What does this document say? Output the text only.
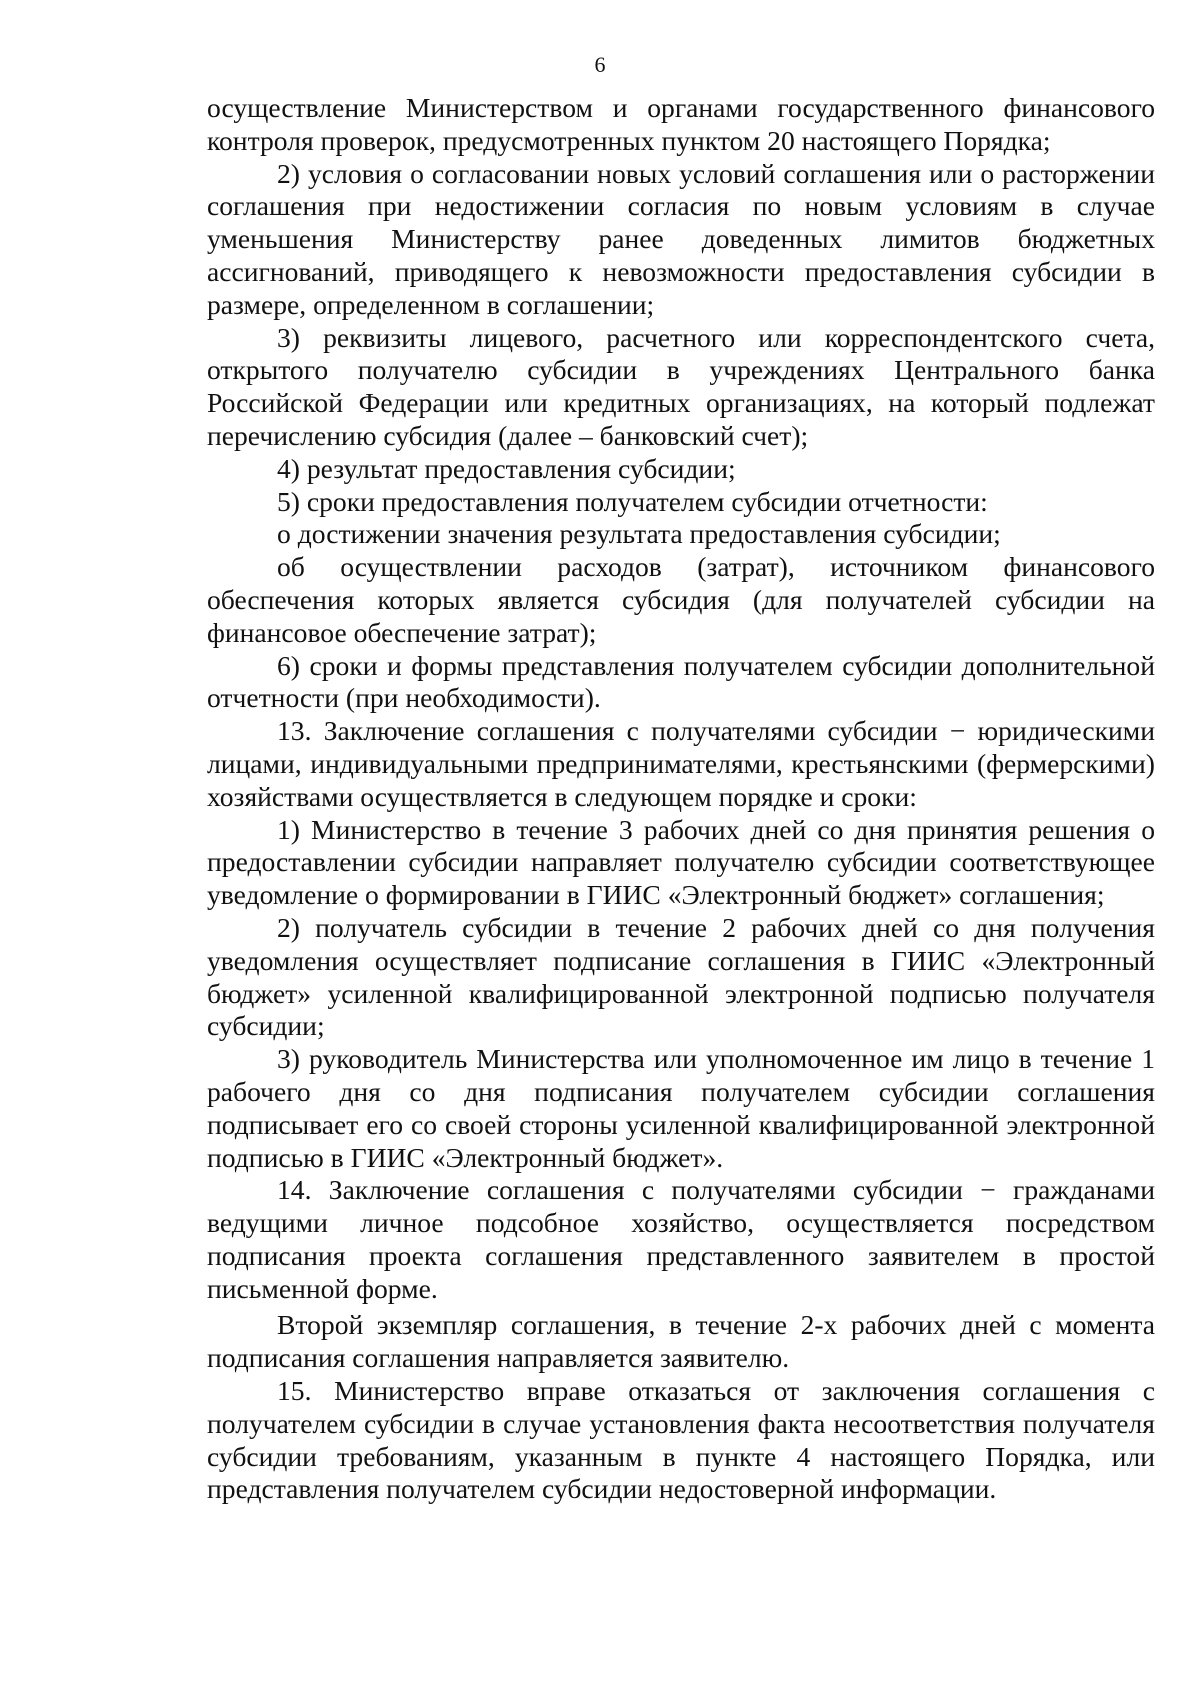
6

осуществление Министерством и органами государственного финансового контроля проверок, предусмотренных пунктом 20 настоящего Порядка;

2) условия о согласовании новых условий соглашения или о расторжении соглашения при недостижении согласия по новым условиям в случае уменьшения Министерству ранее доведенных лимитов бюджетных ассигнований, приводящего к невозможности предоставления субсидии в размере, определенном в соглашении;

3) реквизиты лицевого, расчетного или корреспондентского счета, открытого получателю субсидии в учреждениях Центрального банка Российской Федерации или кредитных организациях, на который подлежат перечислению субсидия (далее – банковский счет);

4) результат предоставления субсидии;

5) сроки предоставления получателем субсидии отчетности:

о достижении значения результата предоставления субсидии;

об осуществлении расходов (затрат), источником финансового обеспечения которых является субсидия (для получателей субсидии на финансовое обеспечение затрат);

6) сроки и формы представления получателем субсидии дополнительной отчетности (при необходимости).

13. Заключение соглашения с получателями субсидии − юридическими лицами, индивидуальными предпринимателями, крестьянскими (фермерскими) хозяйствами осуществляется в следующем порядке и сроки:

1) Министерство в течение 3 рабочих дней со дня принятия решения о предоставлении субсидии направляет получателю субсидии соответствующее уведомление о формировании в ГИИС «Электронный бюджет» соглашения;

2) получатель субсидии в течение 2 рабочих дней со дня получения уведомления осуществляет подписание соглашения в ГИИС «Электронный бюджет» усиленной квалифицированной электронной подписью получателя субсидии;

3) руководитель Министерства или уполномоченное им лицо в течение 1 рабочего дня со дня подписания получателем субсидии соглашения подписывает его со своей стороны усиленной квалифицированной электронной подписью в ГИИС «Электронный бюджет».

14. Заключение соглашения с получателями субсидии − гражданами ведущими личное подсобное хозяйство, осуществляется посредством подписания проекта соглашения представленного заявителем в простой письменной форме.

Второй экземпляр соглашения, в течение 2-х рабочих дней с момента подписания соглашения направляется заявителю.

15. Министерство вправе отказаться от заключения соглашения с получателем субсидии в случае установления факта несоответствия получателя субсидии требованиям, указанным в пункте 4 настоящего Порядка, или представления получателем субсидии недостоверной информации.
